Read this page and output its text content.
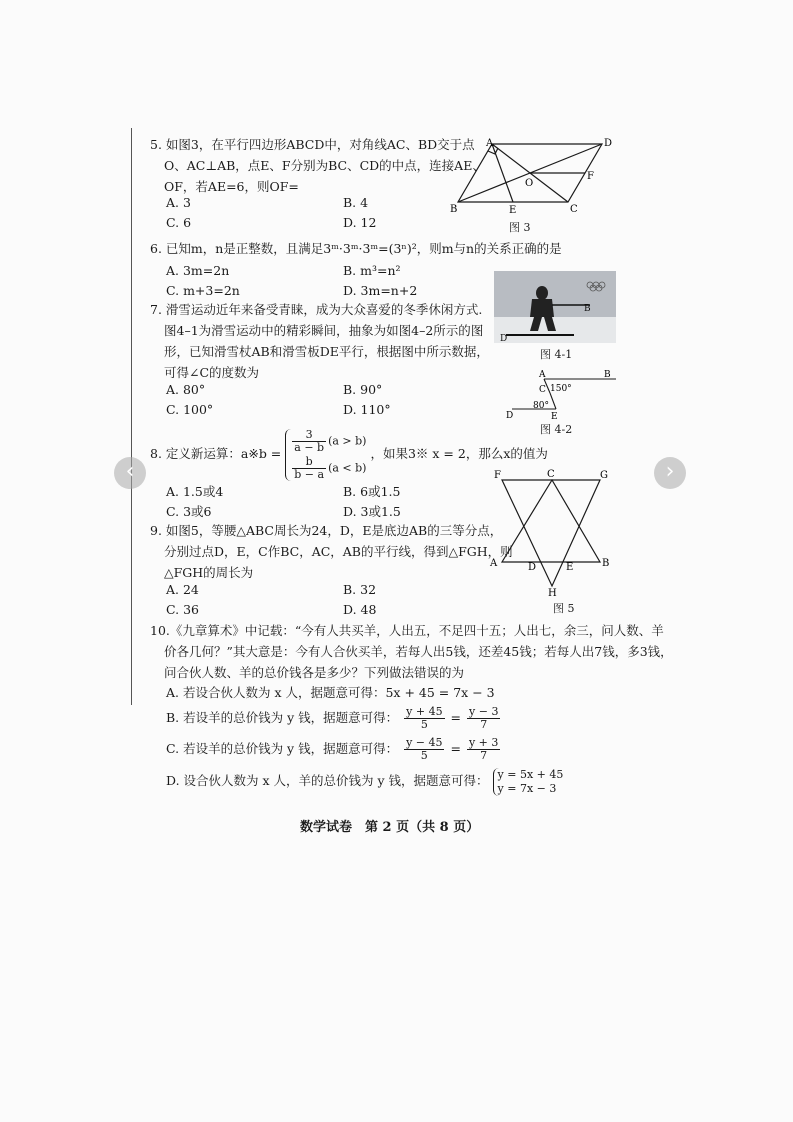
5. 如图3，在平行四边形ABCD中，对角线AC、BD交于点
O、AC⊥AB，点E、F分别为BC、CD的中点，连接AE、
OF，若AE=6，则OF=
A. 3	B. 4
C. 6	D. 12
A	D
B	C
E
F
O
图 3
6. 已知m，n是正整数，且满足3ᵐ·3ᵐ·3ᵐ=(3ⁿ)²，则m与n的关系正确的是
A. 3m=2n	B. m³=n²
C. m+3=2n	D. 3m=n+2
7. 滑雪运动近年来备受青睐，成为大众喜爱的冬季休闲方式.
图4–1为滑雪运动中的精彩瞬间，抽象为如图4–2所示的图
形，已知滑雪杖AB和滑雪板DE平行，根据图中所示数据，
可得∠C的度数为
A. 80°	B. 90°
C. 100°	D. 110°
B
D
图 4-1
A	B
C
D	E
150°
80°
图 4-2
8. 定义新运算：a※b = $\frac{3}{a - b} (a > b)$
$\frac{b}{b - a} (a < b)$
，如果3※ x = 2，那么x的值为
A. 1.5或4	B. 6或1.5
C. 3或6	D. 3或1.5
9. 如图5，等腰△ABC周长为24，D，E是底边AB的三等分点，
分别过点D，E，C作BC，AC，AB的平行线，得到△FGH，则
△FGH的周长为
A. 24	B. 32
C. 36	D. 48
F	C	G
A	D	E	B
H
图 5
10.《九章算术》中记载：“今有人共买羊，人出五，不足四十五；人出七，余三，问人数、羊
价各几何？”其大意是：今有人合伙买羊，若每人出5钱，还差45钱；若每人出7钱，多3钱，
问合伙人数、羊的总价钱各是多少？下列做法错误的为
A. 若设合伙人数为 x 人，据题意可得：5x + 45 = 7x − 3
B. 若设羊的总价钱为 y 钱，据题意可得： $\frac{y + 45}{5} = \frac{y - 3}{7}$
C. 若设羊的总价钱为 y 钱，据题意可得： $\frac{y - 45}{5} = \frac{y + 3}{7}$
D. 设合伙人数为 x 人，羊的总价钱为 y 钱，据题意可得： y = 5x + 45
y = 7x − 3
数学试卷　第 2 页（共 8 页）
‹	›
